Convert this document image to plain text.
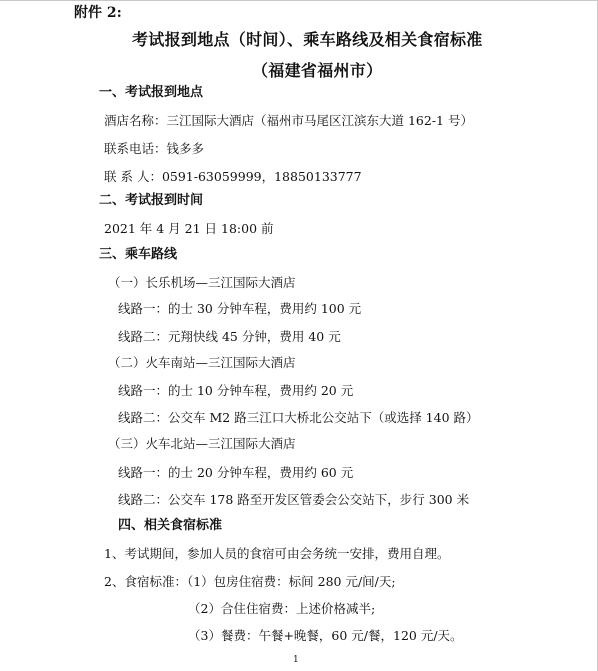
附件 2:
考试报到地点（时间）、乘车路线及相关食宿标准
（福建省福州市）
一、考试报到地点
酒店名称：三江国际大酒店（福州市马尾区江滨东大道 162-1 号）
联系电话：钱多多
联 系 人：0591-63059999，18850133777
二、考试报到时间
2021 年 4 月 21 日 18:00 前
三、乘车路线
（一）长乐机场—三江国际大酒店
线路一：的士 30 分钟车程，费用约 100 元
线路二：元翔快线 45 分钟，费用 40 元
（二）火车南站—三江国际大酒店
线路一：的士 10 分钟车程，费用约 20 元
线路二：公交车 M2 路三江口大桥北公交站下（或选择 140 路）
（三）火车北站—三江国际大酒店
线路一：的士 20 分钟车程，费用约 60 元
线路二：公交车 178 路至开发区管委会公交站下，步行 300 米
四、相关食宿标准
1、考试期间，参加人员的食宿可由会务统一安排，费用自理。
2、食宿标准：（1）包房住宿费：标间 280 元/间/天;
（2）合住住宿费：上述价格减半;
（3）餐费：午餐+晚餐，60 元/餐，120 元/天。
1
